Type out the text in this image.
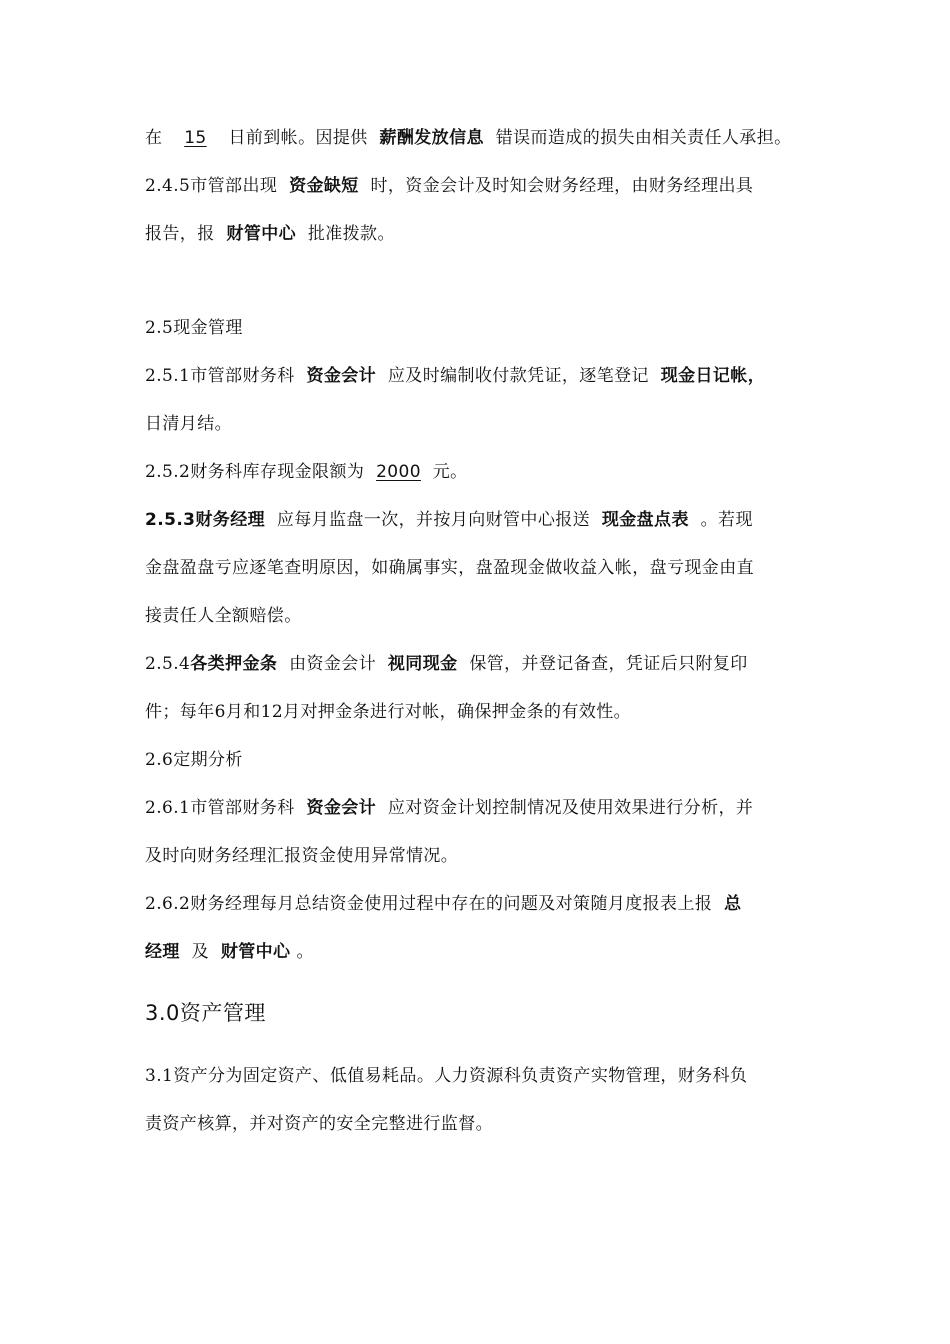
在 15 日前到帐。因提供 薪酬发放信息 错误而造成的损失由相关责任人承担。
2.4.5市管部出现 资金缺短 时，资金会计及时知会财务经理，由财务经理出具
报告，报 财管中心 批准拨款。
2.5现金管理
2.5.1市管部财务科 资金会计 应及时编制收付款凭证，逐笔登记 现金日记帐，
日清月结。
2.5.2财务科库存现金限额为 2000 元。
2.5.3财务经理 应每月监盘一次，并按月向财管中心报送 现金盘点表 。若现
金盘盈盘亏应逐笔查明原因，如确属事实，盘盈现金做收益入帐，盘亏现金由直
接责任人全额赔偿。
2.5.4各类押金条 由资金会计 视同现金 保管，并登记备查，凭证后只附复印
件；每年6月和12月对押金条进行对帐，确保押金条的有效性。
2.6定期分析
2.6.1市管部财务科 资金会计 应对资金计划控制情况及使用效果进行分析，并
及时向财务经理汇报资金使用异常情况。
2.6.2财务经理每月总结资金使用过程中存在的问题及对策随月度报表上报 总
经理 及 财管中心 。
3.0资产管理
3.1资产分为固定资产、低值易耗品。人力资源科负责资产实物管理，财务科负
责资产核算，并对资产的安全完整进行监督。
